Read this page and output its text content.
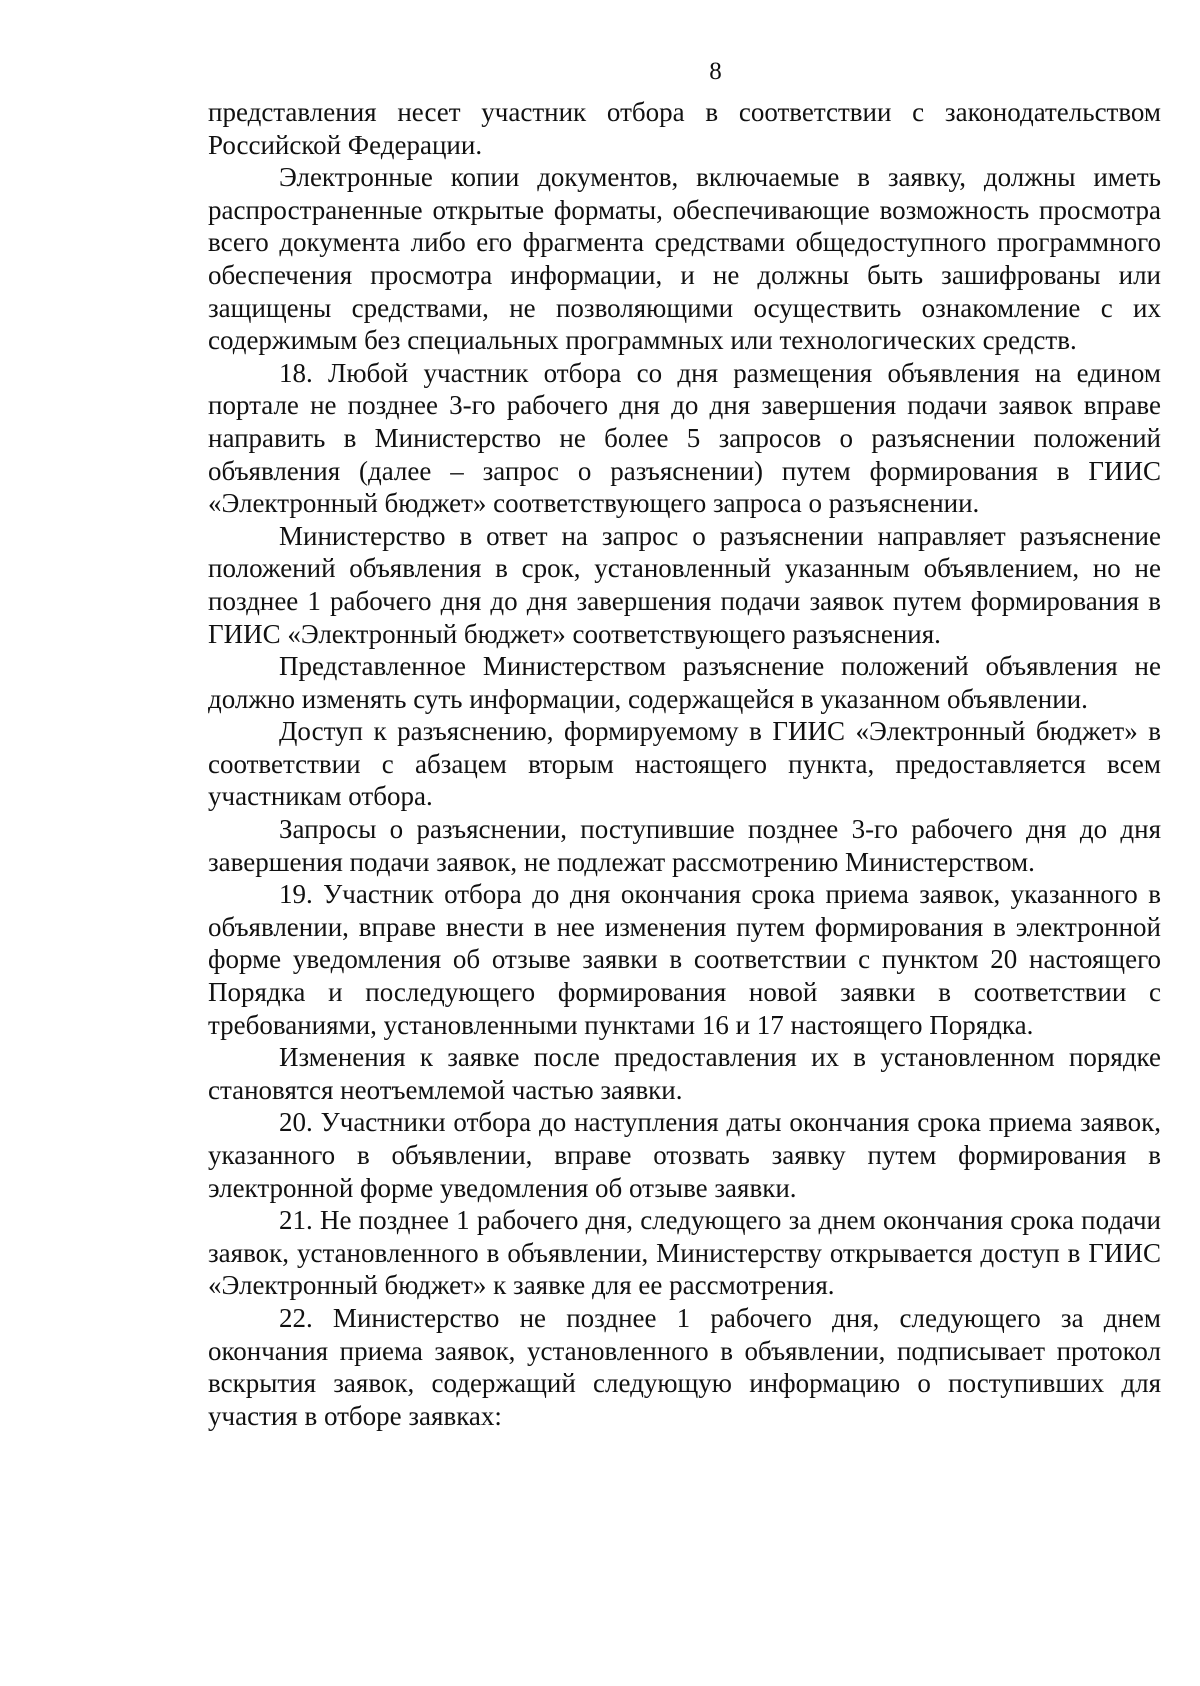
8

представления несет участник отбора в соответствии с законодательством Российской Федерации.

Электронные копии документов, включаемые в заявку, должны иметь распространенные открытые форматы, обеспечивающие возможность просмотра всего документа либо его фрагмента средствами общедоступного программного обеспечения просмотра информации, и не должны быть зашифрованы или защищены средствами, не позволяющими осуществить ознакомление с их содержимым без специальных программных или технологических средств.

18. Любой участник отбора со дня размещения объявления на едином портале не позднее 3-го рабочего дня до дня завершения подачи заявок вправе направить в Министерство не более 5 запросов о разъяснении положений объявления (далее – запрос о разъяснении) путем формирования в ГИИС «Электронный бюджет» соответствующего запроса о разъяснении.

Министерство в ответ на запрос о разъяснении направляет разъяснение положений объявления в срок, установленный указанным объявлением, но не позднее 1 рабочего дня до дня завершения подачи заявок путем формирования в ГИИС «Электронный бюджет» соответствующего разъяснения.

Представленное Министерством разъяснение положений объявления не должно изменять суть информации, содержащейся в указанном объявлении.

Доступ к разъяснению, формируемому в ГИИС «Электронный бюджет» в соответствии с абзацем вторым настоящего пункта, предоставляется всем участникам отбора.

Запросы о разъяснении, поступившие позднее 3-го рабочего дня до дня завершения подачи заявок, не подлежат рассмотрению Министерством.

19. Участник отбора до дня окончания срока приема заявок, указанного в объявлении, вправе внести в нее изменения путем формирования в электронной форме уведомления об отзыве заявки в соответствии с пунктом 20 настоящего Порядка и последующего формирования новой заявки в соответствии с требованиями, установленными пунктами 16 и 17 настоящего Порядка.

Изменения к заявке после предоставления их в установленном порядке становятся неотъемлемой частью заявки.

20. Участники отбора до наступления даты окончания срока приема заявок, указанного в объявлении, вправе отозвать заявку путем формирования в электронной форме уведомления об отзыве заявки.

21. Не позднее 1 рабочего дня, следующего за днем окончания срока подачи заявок, установленного в объявлении, Министерству открывается доступ в ГИИС «Электронный бюджет» к заявке для ее рассмотрения.

22. Министерство не позднее 1 рабочего дня, следующего за днем окончания приема заявок, установленного в объявлении, подписывает протокол вскрытия заявок, содержащий следующую информацию о поступивших для участия в отборе заявках:
